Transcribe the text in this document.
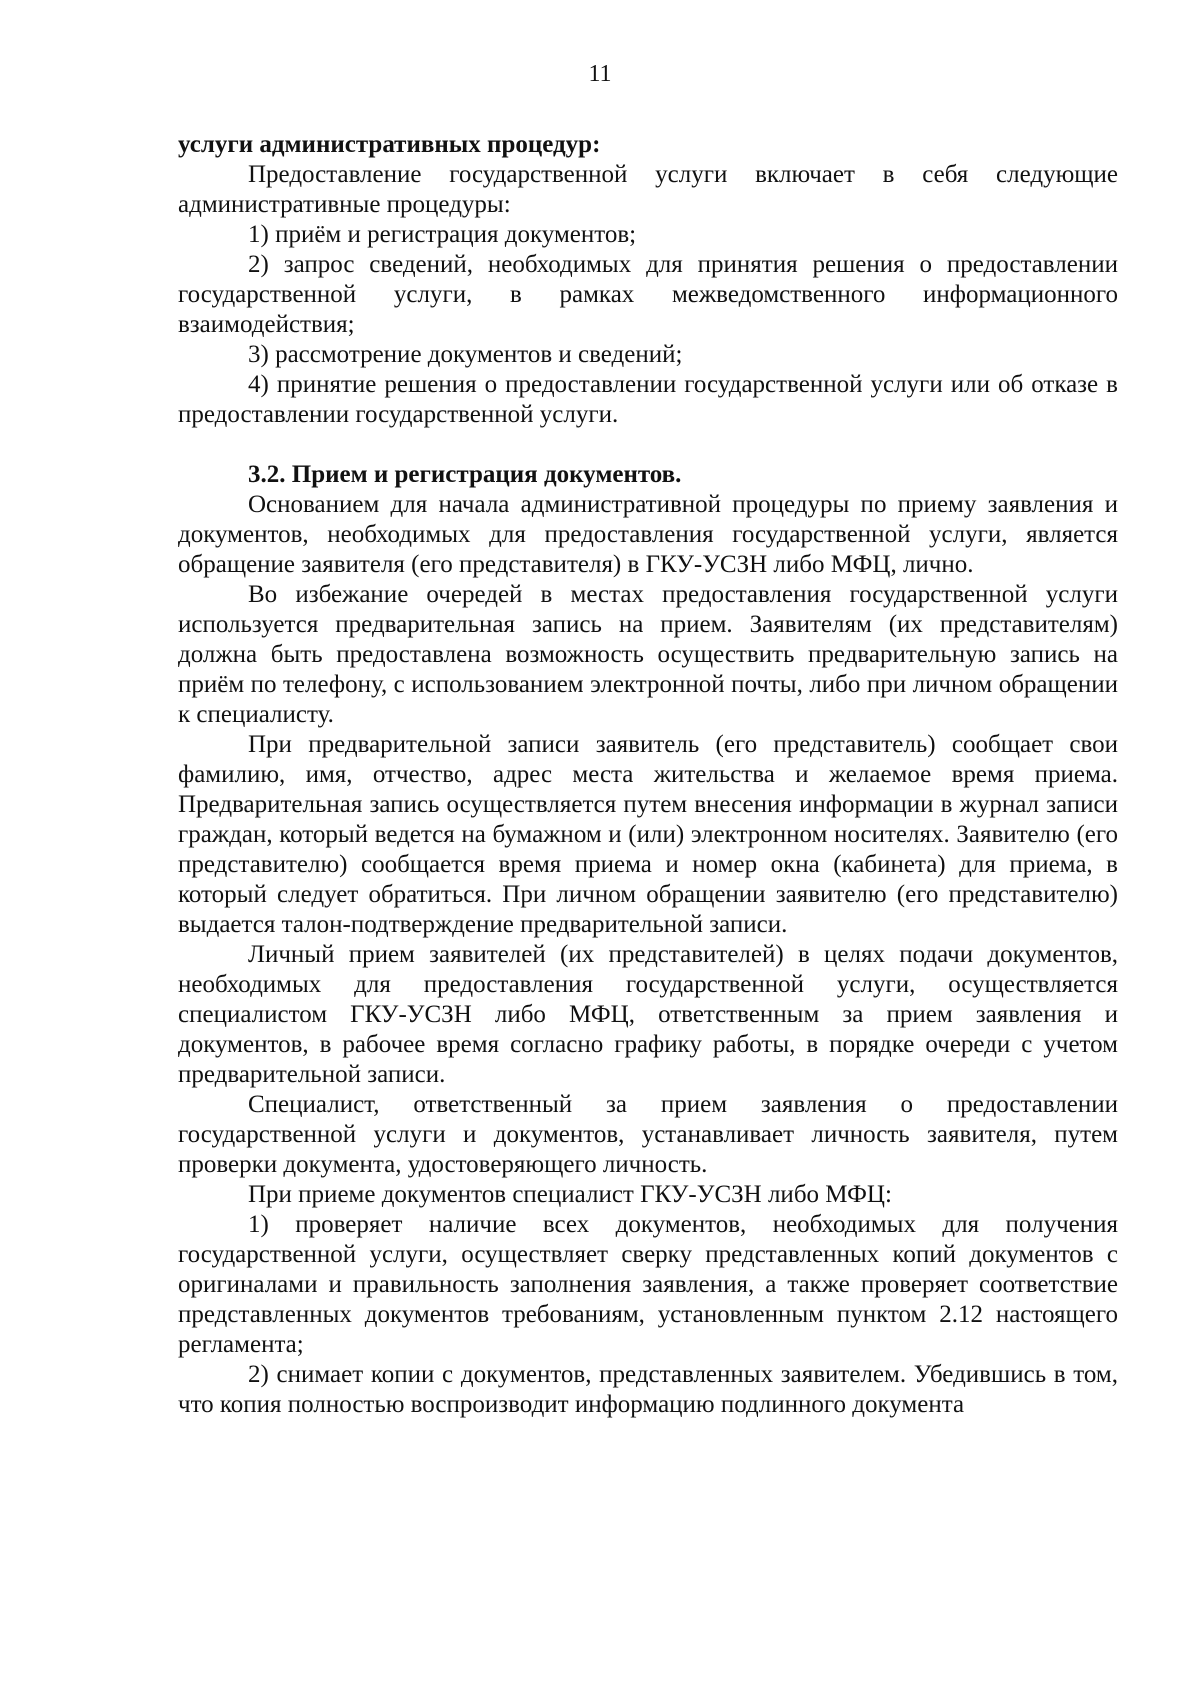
11

услуги административных процедур:

Предоставление государственной услуги включает в себя следующие административные процедуры:

1) приём и регистрация документов;

2) запрос сведений, необходимых для принятия решения о предоставлении государственной услуги, в рамках межведомственного информационного взаимодействия;

3) рассмотрение документов и сведений;

4) принятие решения о предоставлении государственной услуги или об отказе в предоставлении государственной услуги.

3.2. Прием и регистрация документов.

Основанием для начала административной процедуры по приему заявления и документов, необходимых для предоставления государственной услуги, является обращение заявителя (его представителя) в ГКУ-УСЗН либо МФЦ, лично.

Во избежание очередей в местах предоставления государственной услуги используется предварительная запись на прием. Заявителям (их представителям) должна быть предоставлена возможность осуществить предварительную запись на приём по телефону, с использованием электронной почты, либо при личном обращении к специалисту.

При предварительной записи заявитель (его представитель) сообщает свои фамилию, имя, отчество, адрес места жительства и желаемое время приема. Предварительная запись осуществляется путем внесения информации в журнал записи граждан, который ведется на бумажном и (или) электронном носителях. Заявителю (его представителю) сообщается время приема и номер окна (кабинета) для приема, в который следует обратиться. При личном обращении заявителю (его представителю) выдается талон-подтверждение предварительной записи.

Личный прием заявителей (их представителей) в целях подачи документов, необходимых для предоставления государственной услуги, осуществляется специалистом ГКУ-УСЗН либо МФЦ, ответственным за прием заявления и документов, в рабочее время согласно графику работы, в порядке очереди с учетом предварительной записи.

Специалист, ответственный за прием заявления о предоставлении государственной услуги и документов, устанавливает личность заявителя, путем проверки документа, удостоверяющего личность.

При приеме документов специалист ГКУ-УСЗН либо МФЦ:

1) проверяет наличие всех документов, необходимых для получения государственной услуги, осуществляет сверку представленных копий документов с оригиналами и правильность заполнения заявления, а также проверяет соответствие представленных документов требованиям, установленным пунктом 2.12 настоящего регламента;

2) снимает копии с документов, представленных заявителем. Убедившись в том, что копия полностью воспроизводит информацию подлинного документа
